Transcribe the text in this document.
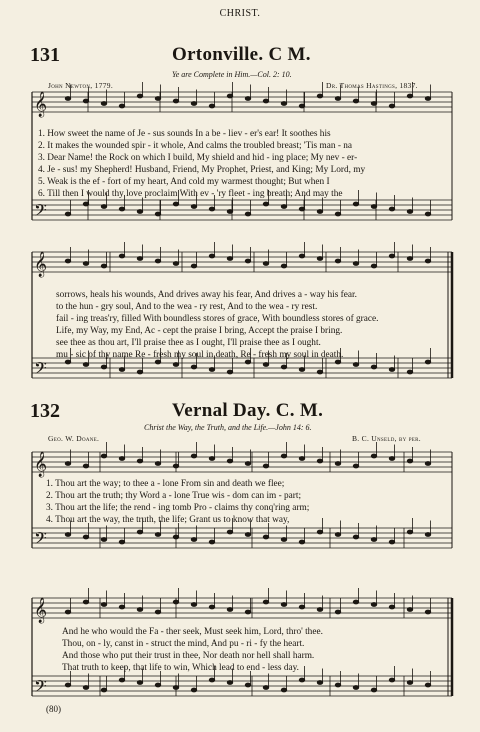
CHRIST.
131	Ortonville. C M.
Ye are Complete in Him.—Col. 2: 10.
John Newton, 1779.	Dr. Thomas Hastings, 1837.
𝄞
𝄢
𝄞
𝄢
𝄞
𝄢
𝄞
𝄢
1. How sweet the name of Je - sus sounds In a be - liev - er's ear! It soothes his
2. It makes the wounded spir - it whole, And calms the troubled breast; 'Tis man - na
3. Dear Name! the Rock on which I build, My shield and hid - ing place; My nev - er-
4. Je - sus! my Shepherd! Husband, Friend, My Prophet, Priest, and King; My Lord, my
5. Weak is the ef - fort of my heart, And cold my warmest thought; But when I
6. Till then I would thy love proclaim With ev - 'ry fleet - ing breath; And may the
sorrows, heals his wounds, And drives away his fear, And drives a - way his fear.
to the hun - gry soul, And to the wea - ry rest, And to the wea - ry rest.
fail - ing treas'ry, filled With boundless stores of grace, With boundless stores of grace.
Life, my Way, my End, Ac - cept the praise I bring, Accept the praise I bring.
see thee as thou art, I'll praise thee as I ought, I'll praise thee as I ought.
mu - sic of thy name Re - fresh my soul in death, Re - fresh my soul in death.
132	Vernal Day. C. M.
Christ the Way, the Truth, and the Life.—John 14: 6.
Geo. W. Doane.	B. C. Unseld, by per.
1. Thou art the way; to thee a - lone From sin and death we flee;
2. Thou art the truth; thy Word a - lone True wis - dom can im - part;
3. Thou art the life; the rend - ing tomb Pro - claims thy conq'ring arm;
4. Thou art the way, the truth, the life; Grant us to know that way,
And he who would the Fa - ther seek, Must seek him, Lord, thro' thee.
Thou, on - ly, canst in - struct the mind, And pu - ri - fy the heart.
And those who put their trust in thee, Nor death nor hell shall harm.
That truth to keep, that life to win, Which lead to end - less day.
(80)
